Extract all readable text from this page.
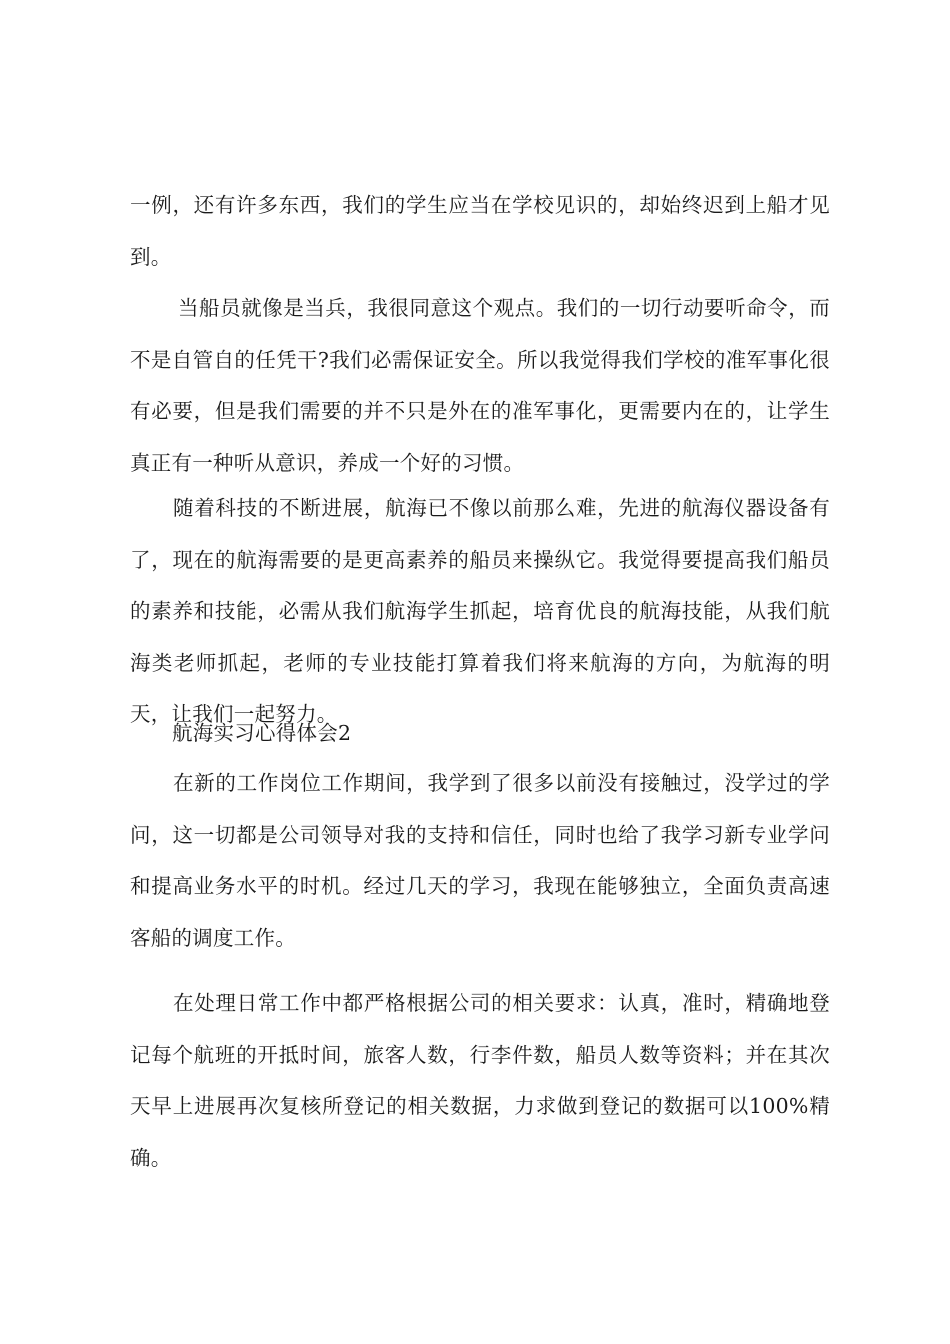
一例，还有许多东西，我们的学生应当在学校见识的，却始终迟到上船才见到。

当船员就像是当兵，我很同意这个观点。我们的一切行动要听命令，而不是自管自的任凭干?我们必需保证安全。所以我觉得我们学校的准军事化很有必要，但是我们需要的并不只是外在的准军事化，更需要内在的，让学生真正有一种听从意识，养成一个好的习惯。

随着科技的不断进展，航海已不像以前那么难，先进的航海仪器设备有了，现在的航海需要的是更高素养的船员来操纵它。我觉得要提高我们船员的素养和技能，必需从我们航海学生抓起，培育优良的航海技能，从我们航海类老师抓起，老师的专业技能打算着我们将来航海的方向，为航海的明天，让我们一起努力。

航海实习心得体会2

在新的工作岗位工作期间，我学到了很多以前没有接触过，没学过的学问，这一切都是公司领导对我的支持和信任，同时也给了我学习新专业学问和提高业务水平的时机。经过几天的学习，我现在能够独立，全面负责高速客船的调度工作。

在处理日常工作中都严格根据公司的相关要求：认真，准时，精确地登记每个航班的开抵时间，旅客人数，行李件数，船员人数等资料；并在其次天早上进展再次复核所登记的相关数据，力求做到登记的数据可以100%精确。
